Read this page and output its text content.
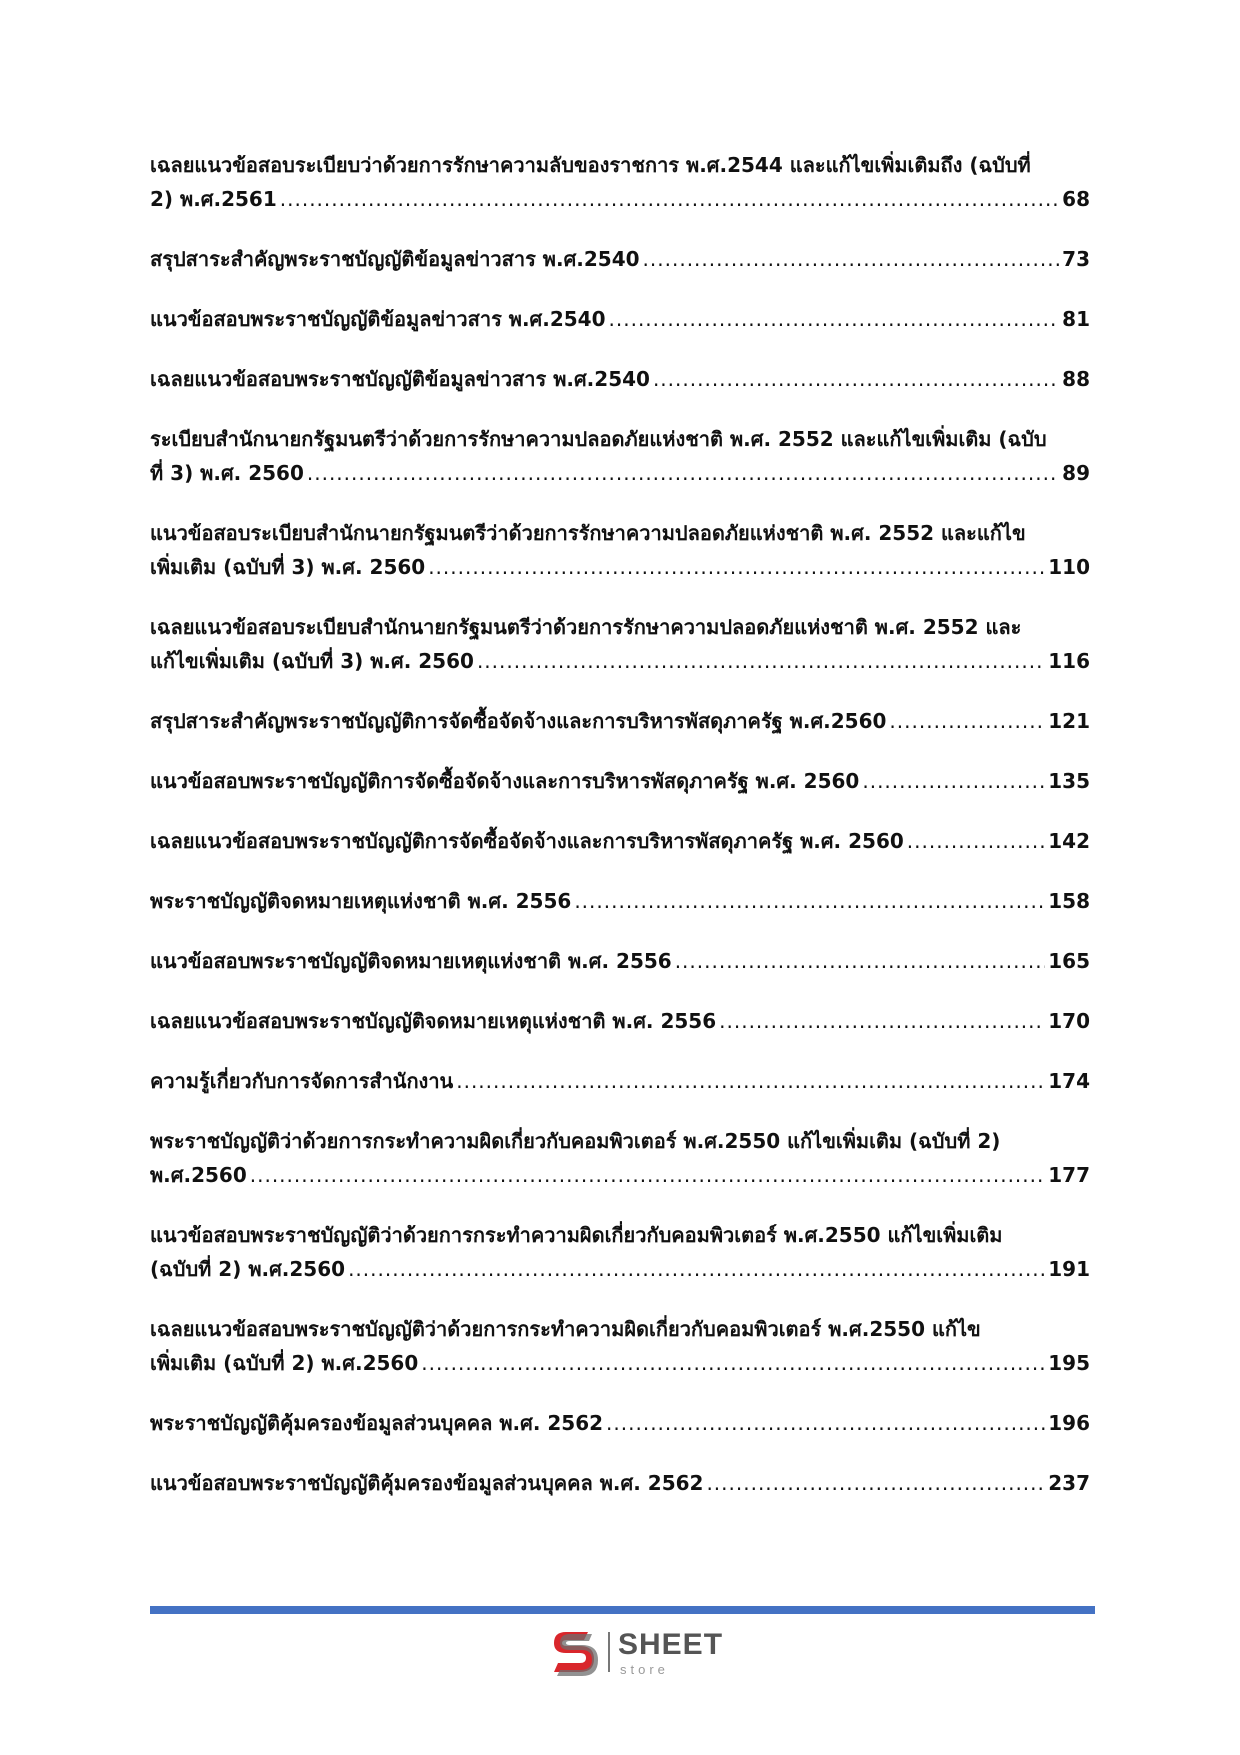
เฉลยแนวข้อสอบระเบียบว่าด้วยการรักษาความลับของราชการ พ.ศ.2544 และแก้ไขเพิ่มเติมถึง (ฉบับที่
2) พ.ศ.2561 .....	68
สรุปสาระสำคัญพระราชบัญญัติข้อมูลข่าวสาร พ.ศ.2540 .....	73
แนวข้อสอบพระราชบัญญัติข้อมูลข่าวสาร พ.ศ.2540 .....	81
เฉลยแนวข้อสอบพระราชบัญญัติข้อมูลข่าวสาร พ.ศ.2540 .....	88
ระเบียบสำนักนายกรัฐมนตรีว่าด้วยการรักษาความปลอดภัยแห่งชาติ พ.ศ. 2552 และแก้ไขเพิ่มเติม (ฉบับ
ที่ 3) พ.ศ. 2560 .....	89
แนวข้อสอบระเบียบสำนักนายกรัฐมนตรีว่าด้วยการรักษาความปลอดภัยแห่งชาติ พ.ศ. 2552 และแก้ไข
เพิ่มเติม (ฉบับที่ 3) พ.ศ. 2560 .....	110
เฉลยแนวข้อสอบระเบียบสำนักนายกรัฐมนตรีว่าด้วยการรักษาความปลอดภัยแห่งชาติ พ.ศ. 2552 และ
แก้ไขเพิ่มเติม (ฉบับที่ 3) พ.ศ. 2560 .....	116
สรุปสาระสำคัญพระราชบัญญัติการจัดซื้อจัดจ้างและการบริหารพัสดุภาครัฐ พ.ศ.2560 .....	121
แนวข้อสอบพระราชบัญญัติการจัดซื้อจัดจ้างและการบริหารพัสดุภาครัฐ พ.ศ. 2560 .....	135
เฉลยแนวข้อสอบพระราชบัญญัติการจัดซื้อจัดจ้างและการบริหารพัสดุภาครัฐ พ.ศ. 2560 .....	142
พระราชบัญญัติจดหมายเหตุแห่งชาติ พ.ศ. 2556 .....	158
แนวข้อสอบพระราชบัญญัติจดหมายเหตุแห่งชาติ พ.ศ. 2556 .....	165
เฉลยแนวข้อสอบพระราชบัญญัติจดหมายเหตุแห่งชาติ พ.ศ. 2556 .....	170
ความรู้เกี่ยวกับการจัดการสำนักงาน .....	174
พระราชบัญญัติว่าด้วยการกระทำความผิดเกี่ยวกับคอมพิวเตอร์ พ.ศ.2550 แก้ไขเพิ่มเติม (ฉบับที่ 2)
พ.ศ.2560 .....	177
แนวข้อสอบพระราชบัญญัติว่าด้วยการกระทำความผิดเกี่ยวกับคอมพิวเตอร์ พ.ศ.2550 แก้ไขเพิ่มเติม
(ฉบับที่ 2) พ.ศ.2560 .....	191
เฉลยแนวข้อสอบพระราชบัญญัติว่าด้วยการกระทำความผิดเกี่ยวกับคอมพิวเตอร์ พ.ศ.2550 แก้ไข
เพิ่มเติม (ฉบับที่ 2) พ.ศ.2560 .....	195
พระราชบัญญัติคุ้มครองข้อมูลส่วนบุคคล พ.ศ. 2562 .....	196
แนวข้อสอบพระราชบัญญัติคุ้มครองข้อมูลส่วนบุคคล พ.ศ. 2562 .....	237
SHEET
store
